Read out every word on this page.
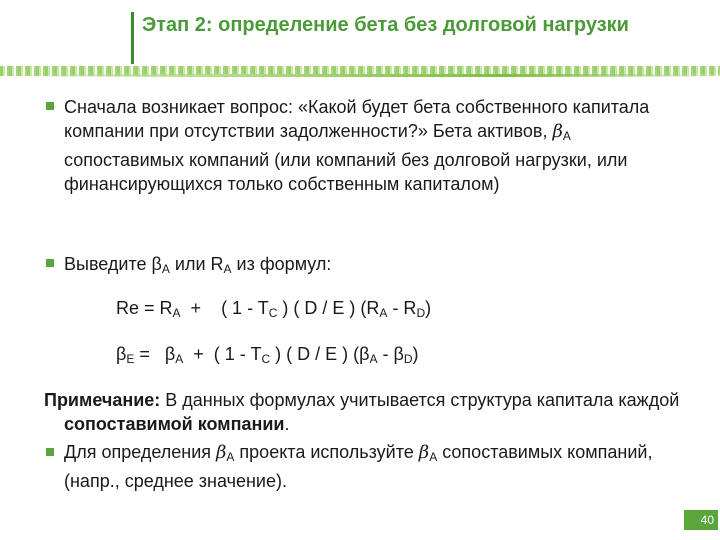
Этап 2: определение бета без долговой нагрузки
Сначала возникает вопрос: «Какой будет бета собственного капитала компании при отсутствии задолженности?» Бета активов, $\beta_A$ сопоставимых компаний (или компаний без долговой нагрузки, или финансирующихся только собственным капиталом)
Выведите $\beta_A$ или $R_A$ из формул:
$Re = R_A$  +    ( $1 - T_C$ ) ( D / E ) $(R_A - R_D)$
$\beta_E = \beta_A$  +  ( $1 - T_C$ ) ( D / E ) $(\beta_A - \beta_D)$
Примечание: В данных формулах учитывается структура капитала каждой сопоставимой компании.
Для определения $\beta_A$ проекта используйте $\beta_A$ сопоставимых компаний, (напр., среднее значение).
40
